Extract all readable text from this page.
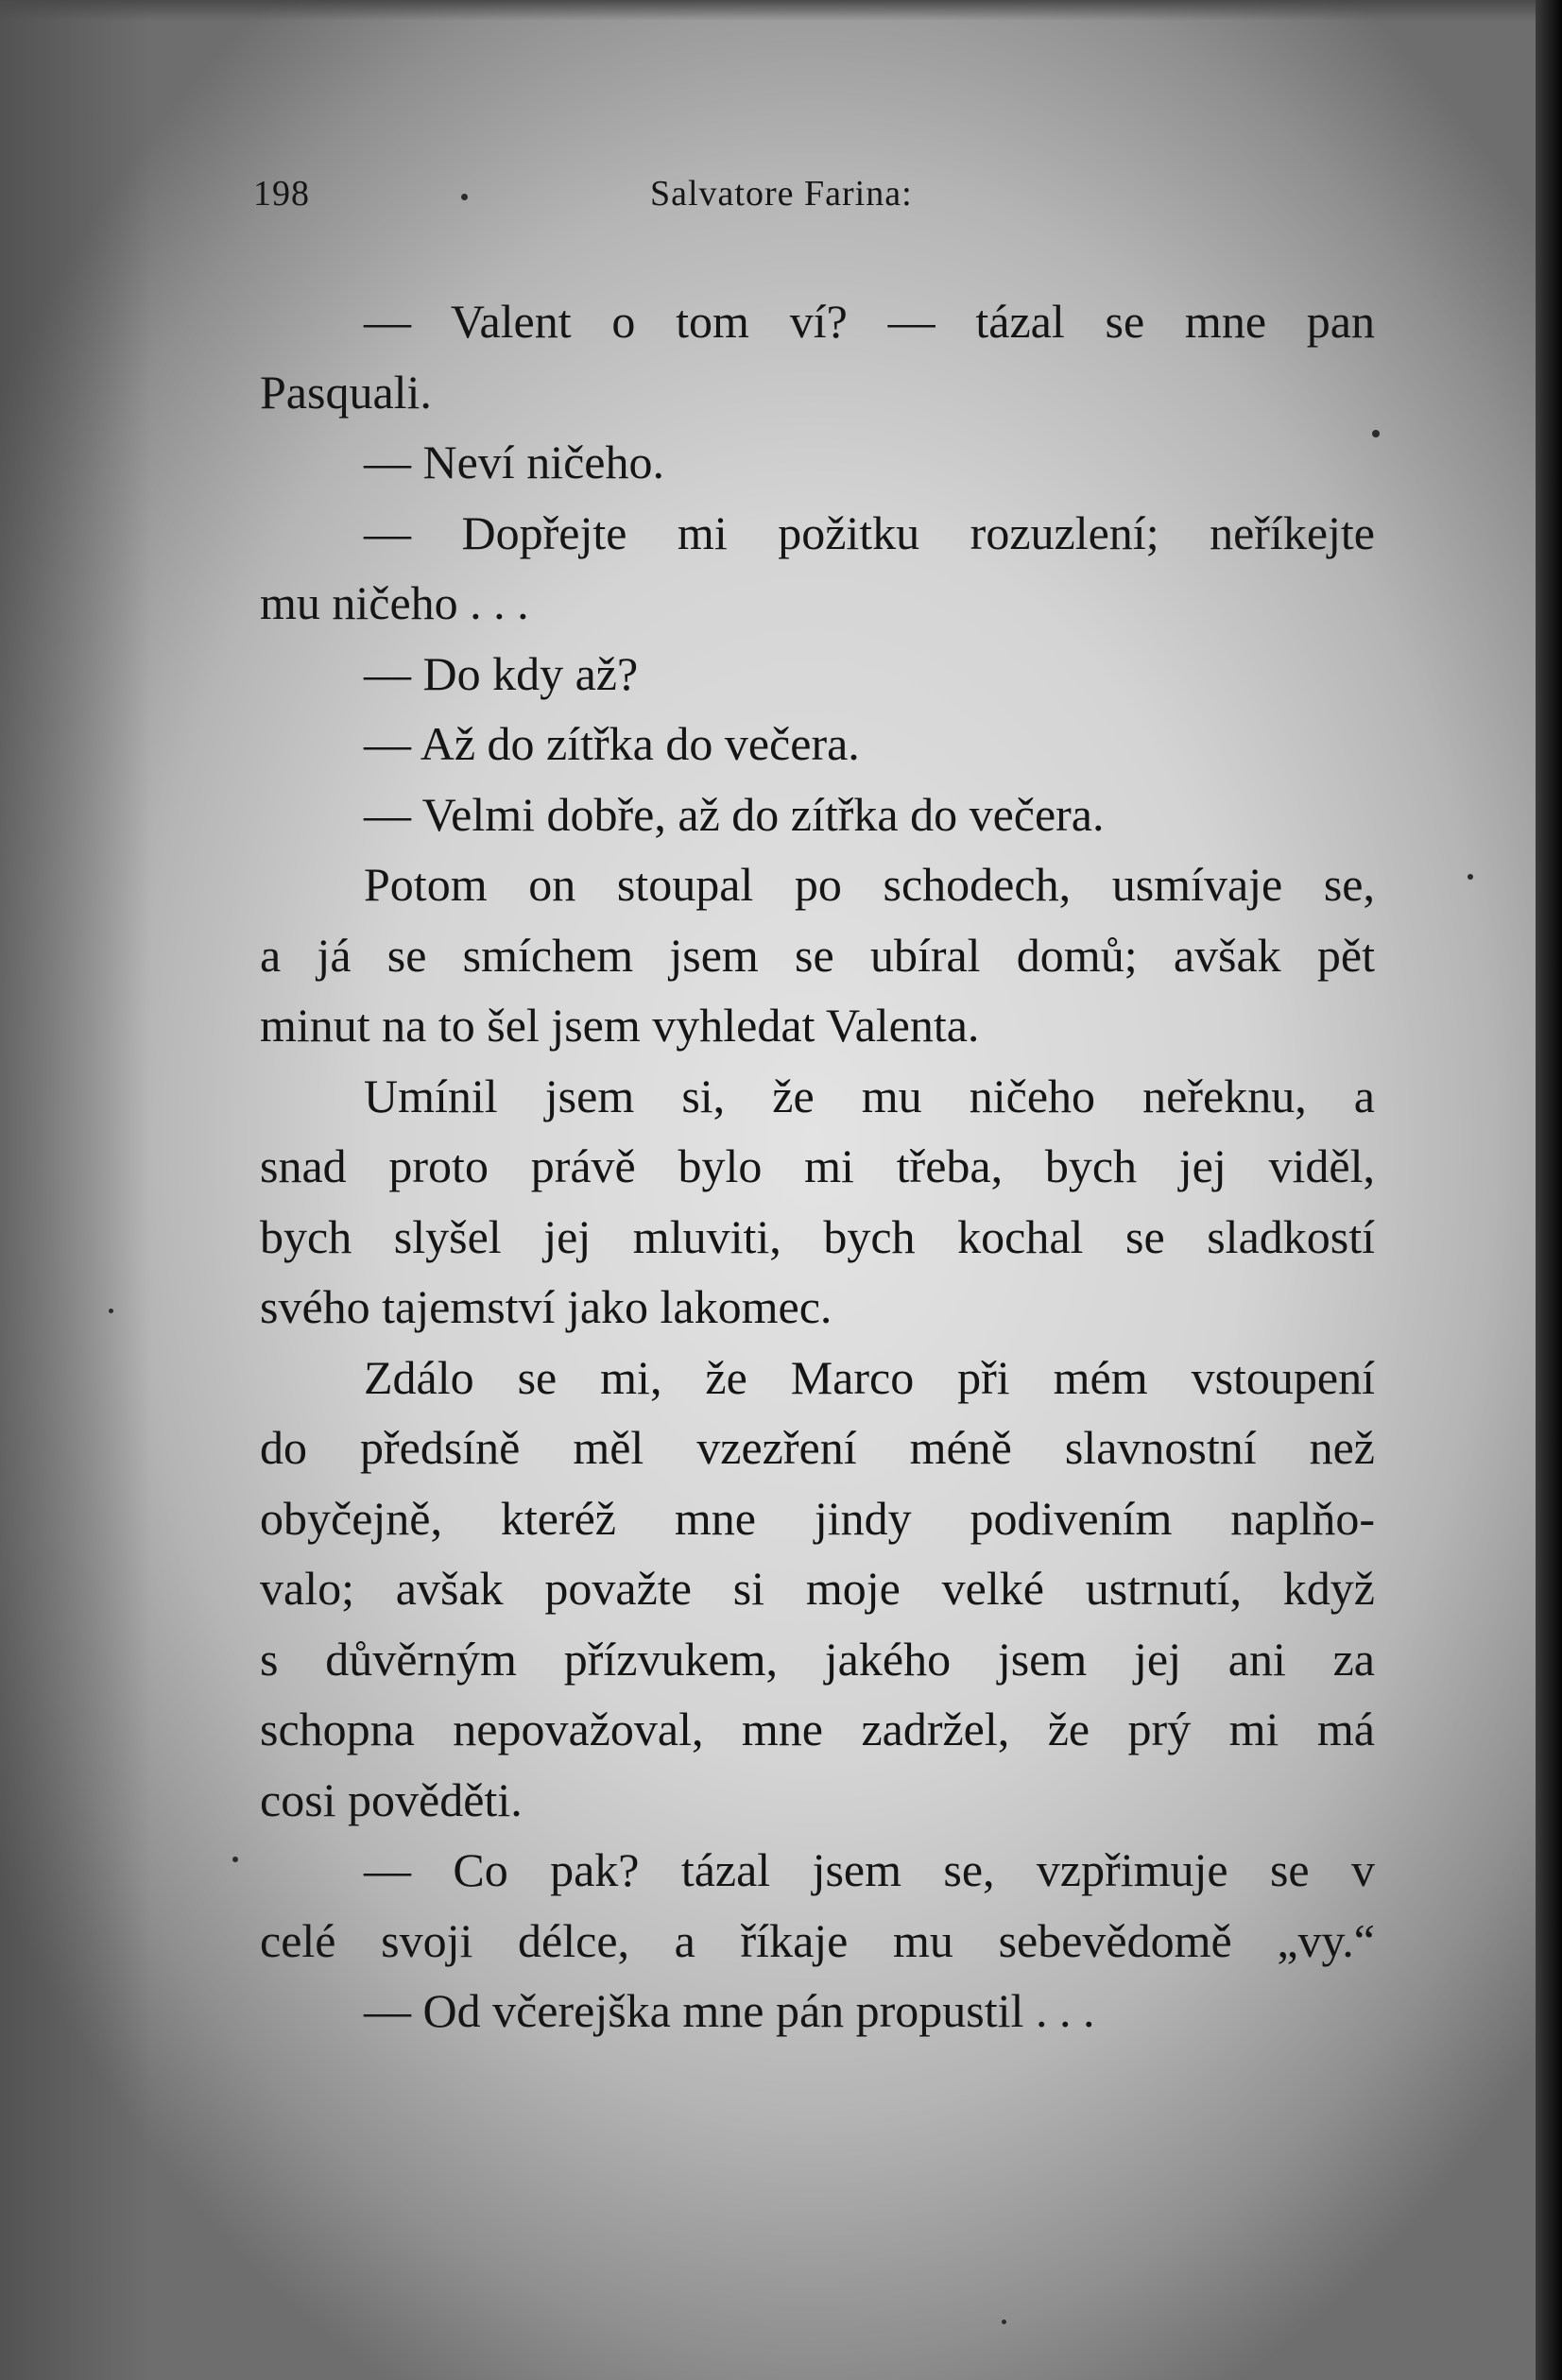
198	Salvatore Farina:
— Valent o tom ví? — tázal se mne pan
Pasquali.
— Neví ničeho.
— Dopřejte mi požitku rozuzlení; neříkejte
mu ničeho . . .
— Do kdy až?
— Až do zítřka do večera.
— Velmi dobře, až do zítřka do večera.
Potom on stoupal po schodech, usmívaje se,
a já se smíchem jsem se ubíral domů; avšak pět
minut na to šel jsem vyhledat Valenta.
Umínil jsem si, že mu ničeho neřeknu, a
snad proto právě bylo mi třeba, bych jej viděl,
bych slyšel jej mluviti, bych kochal se sladkostí
svého tajemství jako lakomec.
Zdálo se mi, že Marco při mém vstoupení
do předsíně měl vzezření méně slavnostní než
obyčejně, kteréž mne jindy podivením naplňo-
valo; avšak považte si moje velké ustrnutí, když
s důvěrným přízvukem, jakého jsem jej ani za
schopna nepovažoval, mne zadržel, že prý mi má
cosi pověděti.
— Co pak? tázal jsem se, vzpřimuje se v
celé svoji délce, a říkaje mu sebevědomě „vy.“
— Od včerejška mne pán propustil . . .
